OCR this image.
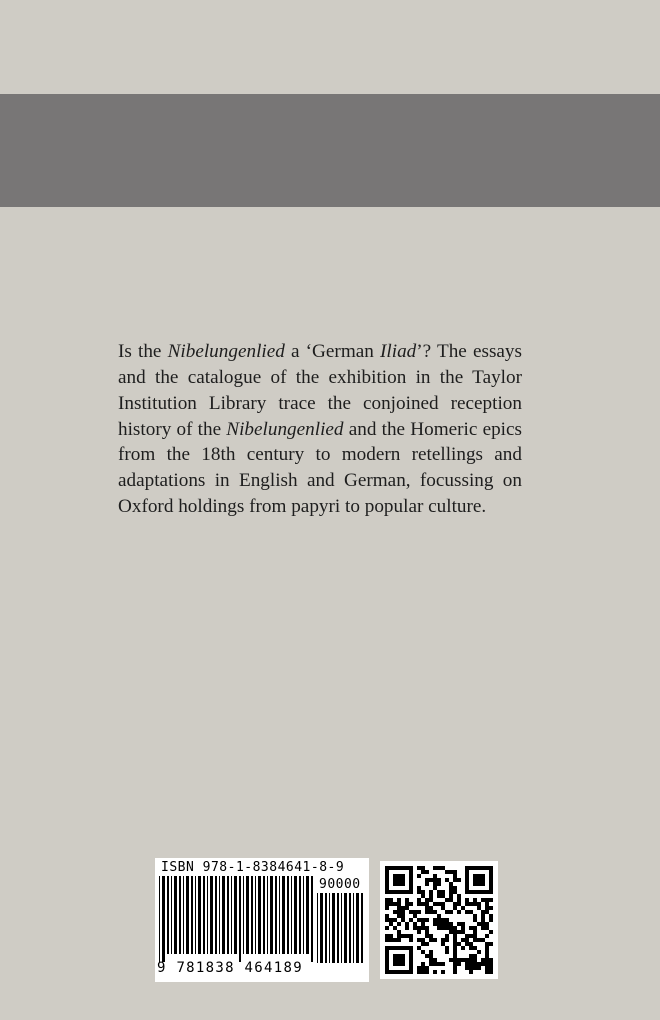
Is the Nibelungenlied a ‘German Iliad’? The essays and the catalogue of the exhibition in the Taylor Institution Library trace the conjoined reception history of the Nibelungenlied and the Homeric epics from the 18th century to modern retellings and adaptations in English and German, focussing on Oxford holdings from papyri to popular culture.

ISBN 978-1-8384641-8-9
90000
9 781838 464189
